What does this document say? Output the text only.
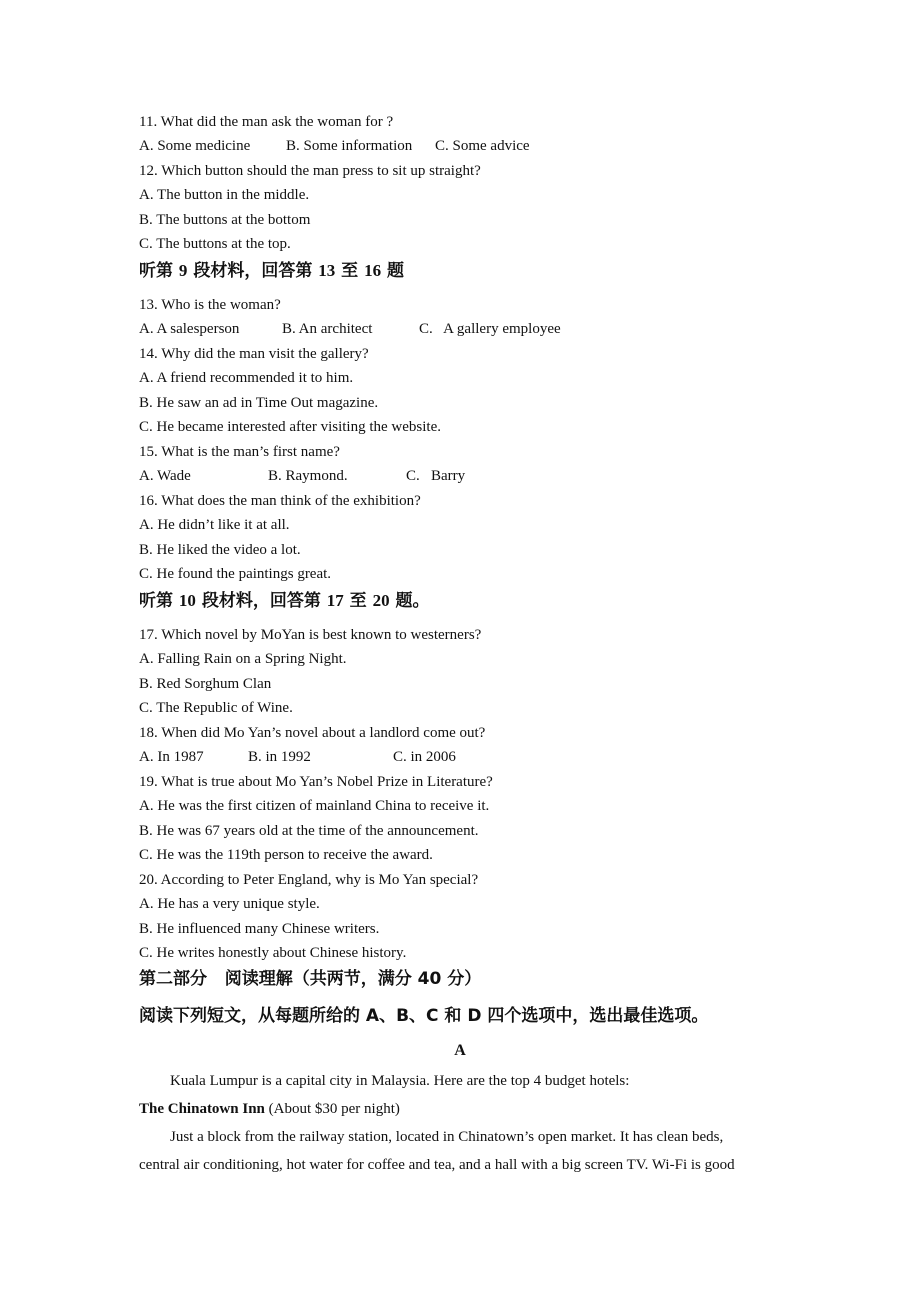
11. What did the man ask the woman for ?
A. Some medicine B. Some information C. Some advice
12. Which button should the man press to sit up straight?
A. The button in the middle.
B. The buttons at the bottom
C. The buttons at the top.
听第 9 段材料，回答第 13 至 16 题
13. Who is the woman?
A. A salesperson	B. An architect	C.   A gallery employee
14. Why did the man visit the gallery?
A. A friend recommended it to him.
B. He saw an ad in Time Out magazine.
C. He became interested after visiting the website.
15. What is the man’s first name?
A. Wade	B. Raymond.	C.   Barry
16. What does the man think of the exhibition?
A. He didn’t like it at all.
B. He liked the video a lot.
C. He found the paintings great.
听第 10 段材料，回答第 17 至 20 题。
17. Which novel by MoYan is best known to westerners?
A. Falling Rain on a Spring Night.
B. Red Sorghum Clan
C. The Republic of Wine.
18. When did Mo Yan’s novel about a landlord come out?
A. In 1987	B. in 1992	C. in 2006
19. What is true about Mo Yan’s Nobel Prize in Literature?
A. He was the first citizen of mainland China to receive it.
B. He was 67 years old at the time of the announcement.
C. He was the 119th person to receive the award.
20. According to Peter England, why is Mo Yan special?
A. He has a very unique style.
B. He influenced many Chinese writers.
C. He writes honestly about Chinese history.
第二部分   阅读理解（共两节，满分 40 分）
阅读下列短文，从每题所给的 A、B、C 和 D 四个选项中，选出最佳选项。
A
Kuala Lumpur is a capital city in Malaysia. Here are the top 4 budget hotels:
The Chinatown Inn (About $30 per night)
Just a block from the railway station, located in Chinatown’s open market. It has clean beds,
central air conditioning, hot water for coffee and tea, and a hall with a big screen TV. Wi-Fi is good
